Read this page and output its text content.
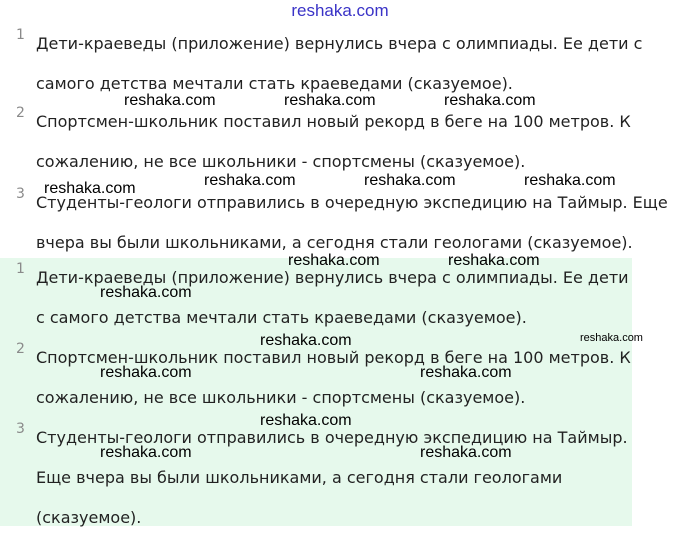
1 Дети-краеведы (приложение) вернулись вчера с олимпиады. Ее дети с
самого детства мечтали стать краеведами (сказуемое).

2 Спортсмен-школьник поставил новый рекорд в беге на 100 метров. К
сожалению, не все школьники - спортсмены (сказуемое).

3 Студенты-геологи отправились в очередную экспедицию на Таймыр. Еще
вчера вы были школьниками, а сегодня стали геологами (сказуемое).

1 Дети-краеведы (приложение) вернулись вчера с олимпиады. Ее дети
с самого детства мечтали стать краеведами (сказуемое).

2 Спортсмен-школьник поставил новый рекорд в беге на 100 метров. К
сожалению, не все школьники - спортсмены (сказуемое).

3 Студенты-геологи отправились в очередную экспедицию на Таймыр.
Еще вчера вы были школьниками, а сегодня стали геологами
(сказуемое).

reshaka.com
reshaka.com	reshaka.com	reshaka.com
reshaka.com	reshaka.com	reshaka.com	reshaka.com
reshaka.com	reshaka.com
reshaka.com
reshaka.com	reshaka.com
reshaka.com	reshaka.com
reshaka.com
reshaka.com	reshaka.com
